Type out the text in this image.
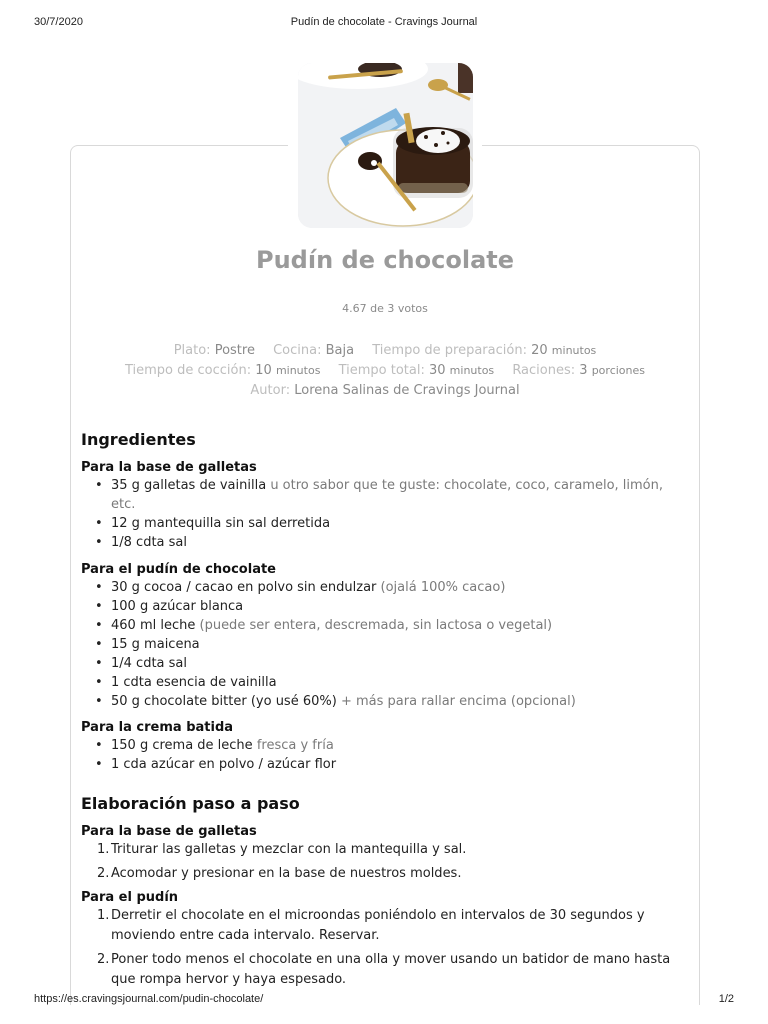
30/7/2020	Pudín de chocolate - Cravings Journal
Pudín de chocolate
4.67 de 3 votos
Plato: Postre Cocina: Baja Tiempo de preparación: 20 minutos
Tiempo de cocción: 10 minutos Tiempo total: 30 minutos Raciones: 3 porciones
Autor: Lorena Salinas de Cravings Journal
Ingredientes
Para la base de galletas
• 35 g galletas de vainilla u otro sabor que te guste: chocolate, coco, caramelo, limón, etc.
• 12 g mantequilla sin sal derretida
• 1/8 cdta sal
Para el pudín de chocolate
• 30 g cocoa / cacao en polvo sin endulzar (ojalá 100% cacao)
• 100 g azúcar blanca
• 460 ml leche (puede ser entera, descremada, sin lactosa o vegetal)
• 15 g maicena
• 1/4 cdta sal
• 1 cdta esencia de vainilla
• 50 g chocolate bitter (yo usé 60%) + más para rallar encima (opcional)
Para la crema batida
• 150 g crema de leche fresca y fría
• 1 cda azúcar en polvo / azúcar flor
Elaboración paso a paso
Para la base de galletas
1. Triturar las galletas y mezclar con la mantequilla y sal.
2. Acomodar y presionar en la base de nuestros moldes.
Para el pudín
1. Derretir el chocolate en el microondas poniéndolo en intervalos de 30 segundos y moviendo entre cada intervalo. Reservar.
2. Poner todo menos el chocolate en una olla y mover usando un batidor de mano hasta que rompa hervor y haya espesado.
https://es.cravingsjournal.com/pudin-chocolate/	1/2
